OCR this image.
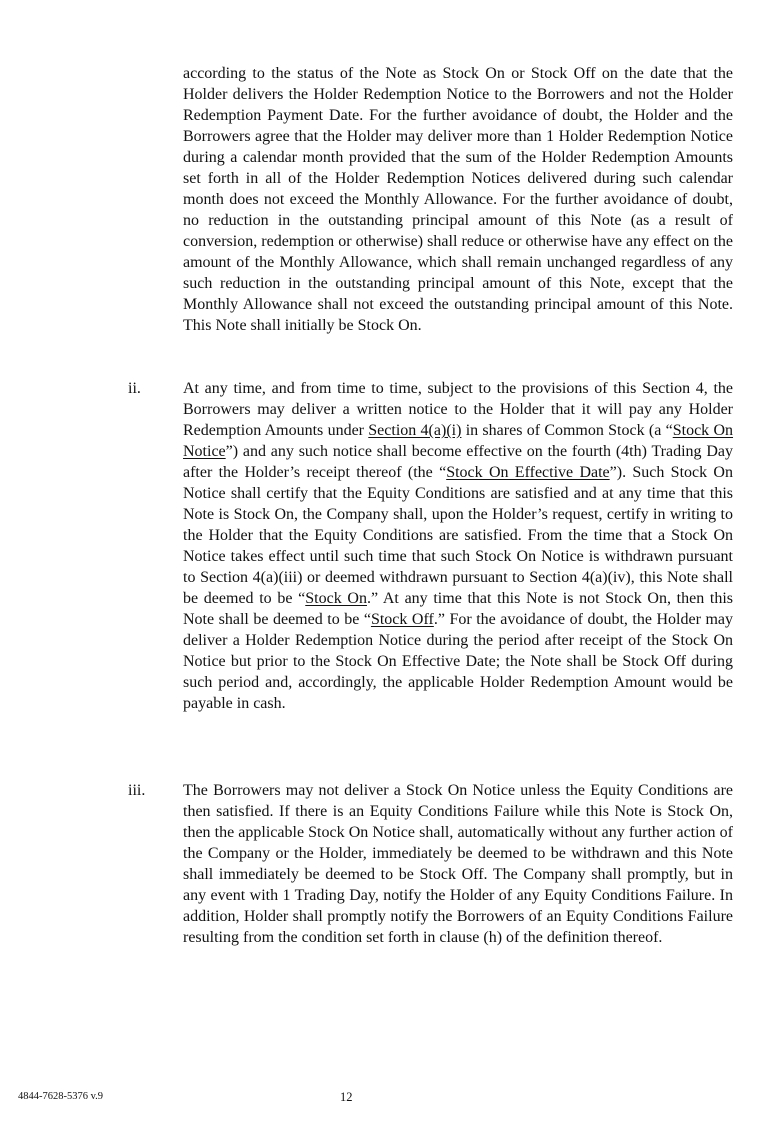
according to the status of the Note as Stock On or Stock Off on the date that the Holder delivers the Holder Redemption Notice to the Borrowers and not the Holder Redemption Payment Date. For the further avoidance of doubt, the Holder and the Borrowers agree that the Holder may deliver more than 1 Holder Redemption Notice during a calendar month provided that the sum of the Holder Redemption Amounts set forth in all of the Holder Redemption Notices delivered during such calendar month does not exceed the Monthly Allowance. For the further avoidance of doubt, no reduction in the outstanding principal amount of this Note (as a result of conversion, redemption or otherwise) shall reduce or otherwise have any effect on the amount of the Monthly Allowance, which shall remain unchanged regardless of any such reduction in the outstanding principal amount of this Note, except that the Monthly Allowance shall not exceed the outstanding principal amount of this Note. This Note shall initially be Stock On.

ii.	At any time, and from time to time, subject to the provisions of this Section 4, the Borrowers may deliver a written notice to the Holder that it will pay any Holder Redemption Amounts under Section 4(a)(i) in shares of Common Stock (a “Stock On Notice”) and any such notice shall become effective on the fourth (4th) Trading Day after the Holder’s receipt thereof (the “Stock On Effective Date”). Such Stock On Notice shall certify that the Equity Conditions are satisfied and at any time that this Note is Stock On, the Company shall, upon the Holder’s request, certify in writing to the Holder that the Equity Conditions are satisfied. From the time that a Stock On Notice takes effect until such time that such Stock On Notice is withdrawn pursuant to Section 4(a)(iii) or deemed withdrawn pursuant to Section 4(a)(iv), this Note shall be deemed to be “Stock On.” At any time that this Note is not Stock On, then this Note shall be deemed to be “Stock Off.” For the avoidance of doubt, the Holder may deliver a Holder Redemption Notice during the period after receipt of the Stock On Notice but prior to the Stock On Effective Date; the Note shall be Stock Off during such period and, accordingly, the applicable Holder Redemption Amount would be payable in cash.

iii. The Borrowers may not deliver a Stock On Notice unless the Equity Conditions are then satisfied. If there is an Equity Conditions Failure while this Note is Stock On, then the applicable Stock On Notice shall, automatically without any further action of the Company or the Holder, immediately be deemed to be withdrawn and this Note shall immediately be deemed to be Stock Off. The Company shall promptly, but in any event with 1 Trading Day, notify the Holder of any Equity Conditions Failure. In addition, Holder shall promptly notify the Borrowers of an Equity Conditions Failure resulting from the condition set forth in clause (h) of the definition thereof.

4844-7628-5376 v.9	12
